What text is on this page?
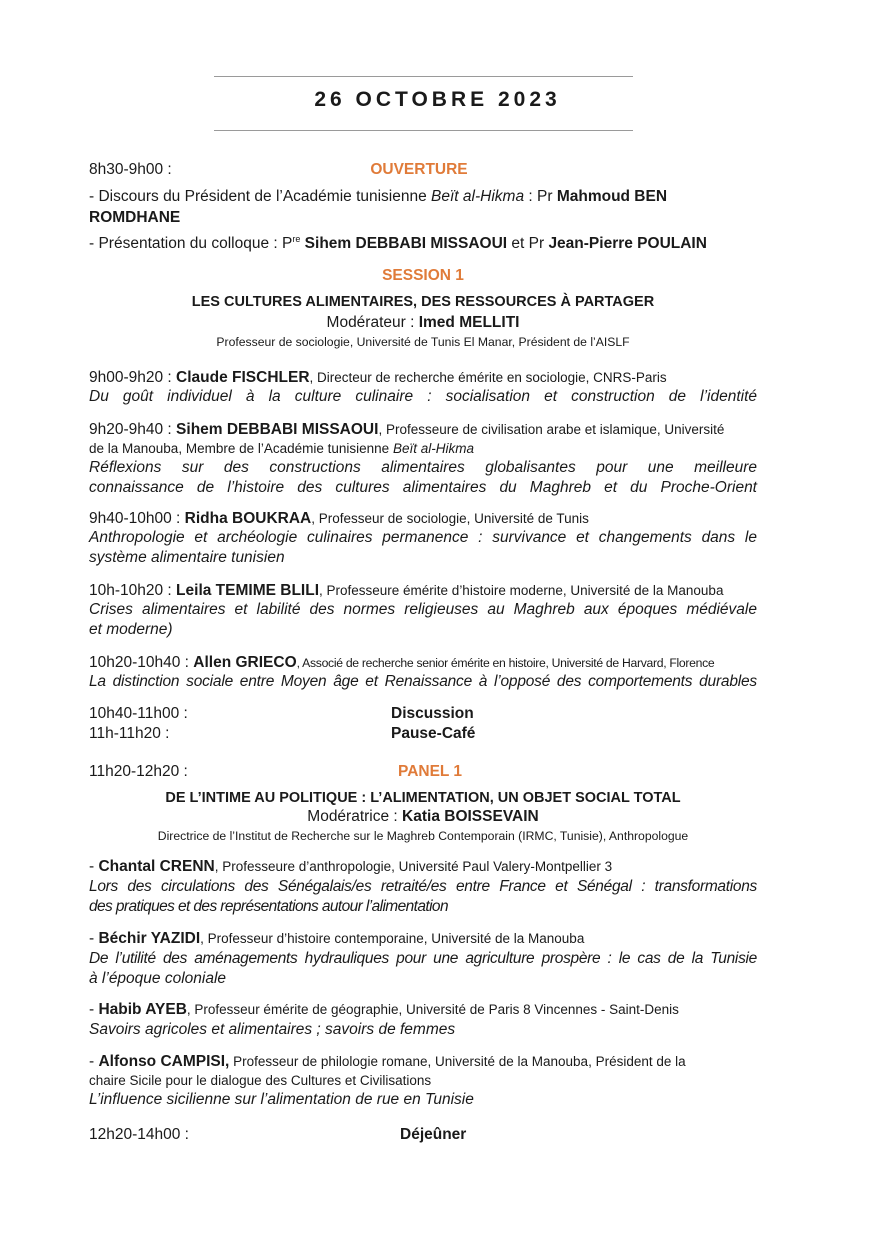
26 OCTOBRE 2023
8h30-9h00 :	OUVERTURE
- Discours du Président de l’Académie tunisienne Beït al-Hikma : Pr Mahmoud BEN
ROMDHANE
- Présentation du colloque : $P^{re}$ Sihem DEBBABI MISSAOUI et Pr Jean-Pierre POULAIN
SESSION 1
LES CULTURES ALIMENTAIRES, DES RESSOURCES À PARTAGER
Modérateur : Imed MELLITI
Professeur de sociologie, Université de Tunis El Manar, Président de l’AISLF
9h00-9h20 : Claude FISCHLER, Directeur de recherche émérite en sociologie, CNRS-Paris
Du goût individuel à la culture culinaire : socialisation et construction de l’identité
9h20-9h40 : Sihem DEBBABI MISSAOUI, Professeure de civilisation arabe et islamique, Université
de la Manouba, Membre de l’Académie tunisienne Beït al-Hikma
Réflexions sur des constructions alimentaires globalisantes pour une meilleure
connaissance de l’histoire des cultures alimentaires du Maghreb et du Proche-Orient
9h40-10h00 : Ridha BOUKRAA, Professeur de sociologie, Université de Tunis
Anthropologie et archéologie culinaires permanence : survivance et changements dans le
système alimentaire tunisien
10h-10h20 : Leila TEMIME BLILI, Professeure émérite d’histoire moderne, Université de la Manouba
Crises alimentaires et labilité des normes religieuses au Maghreb aux époques médiévale
et moderne)
10h20-10h40 : Allen GRIECO, Associé de recherche senior émérite en histoire, Université de Harvard, Florence
La distinction sociale entre Moyen âge et Renaissance à l’opposé des comportements durables
10h40-11h00 :	Discussion
11h-11h20 :	Pause-Café
11h20-12h20 :	PANEL 1
DE L’INTIME AU POLITIQUE : L’ALIMENTATION, UN OBJET SOCIAL TOTAL
Modératrice : Katia BOISSEVAIN
Directrice de l’Institut de Recherche sur le Maghreb Contemporain (IRMC, Tunisie), Anthropologue
- Chantal CRENN, Professeure d’anthropologie, Université Paul Valery-Montpellier 3
Lors des circulations des Sénégalais/es retraité/es entre France et Sénégal : transformations
des pratiques et des représentations autour l’alimentation
- Béchir YAZIDI, Professeur d’histoire contemporaine, Université de la Manouba
De l’utilité des aménagements hydrauliques pour une agriculture prospère : le cas de la Tunisie
à l’époque coloniale
- Habib AYEB, Professeur émérite de géographie, Université de Paris 8 Vincennes - Saint-Denis
Savoirs agricoles et alimentaires ; savoirs de femmes
- Alfonso CAMPISI, Professeur de philologie romane, Université de la Manouba, Président de la
chaire Sicile pour le dialogue des Cultures et Civilisations
L’influence sicilienne sur l’alimentation de rue en Tunisie
12h20-14h00 :	Déjeûner
